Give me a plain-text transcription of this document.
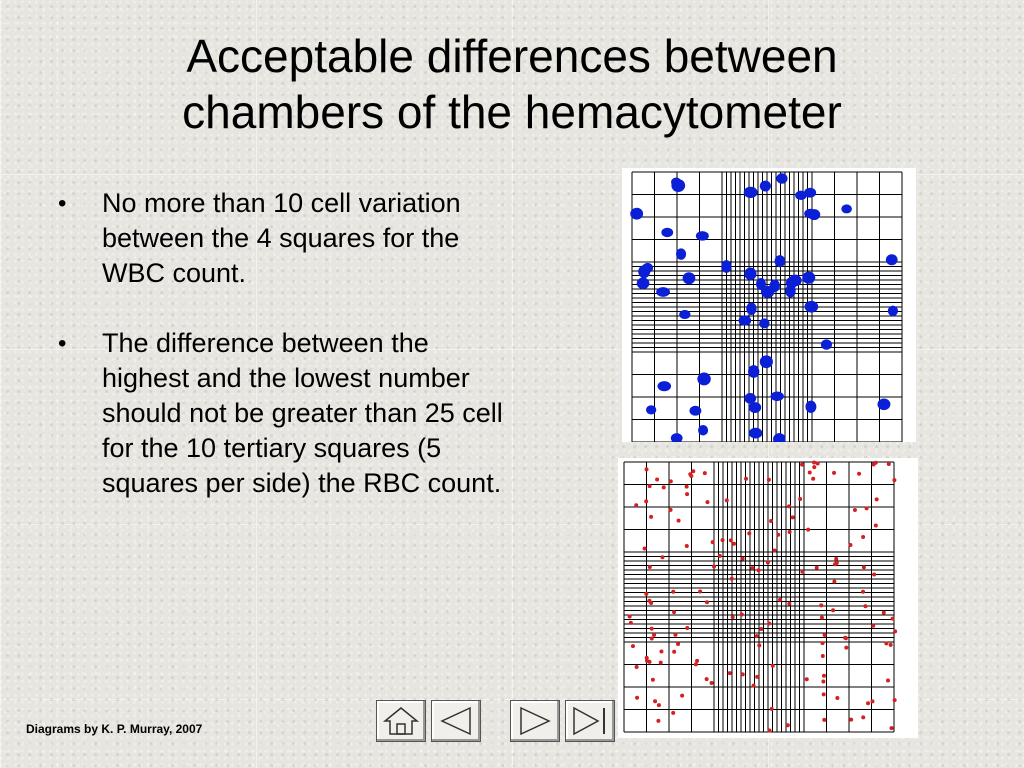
Acceptable differences between
chambers of the hemacytometer
• No more than 10 cell variation between the 4 squares for the WBC count.
• The difference between the highest and the lowest number should not be greater than 25 cell for the 10 tertiary squares (5 squares per side) the RBC count.
Diagrams by K. P. Murray, 2007
